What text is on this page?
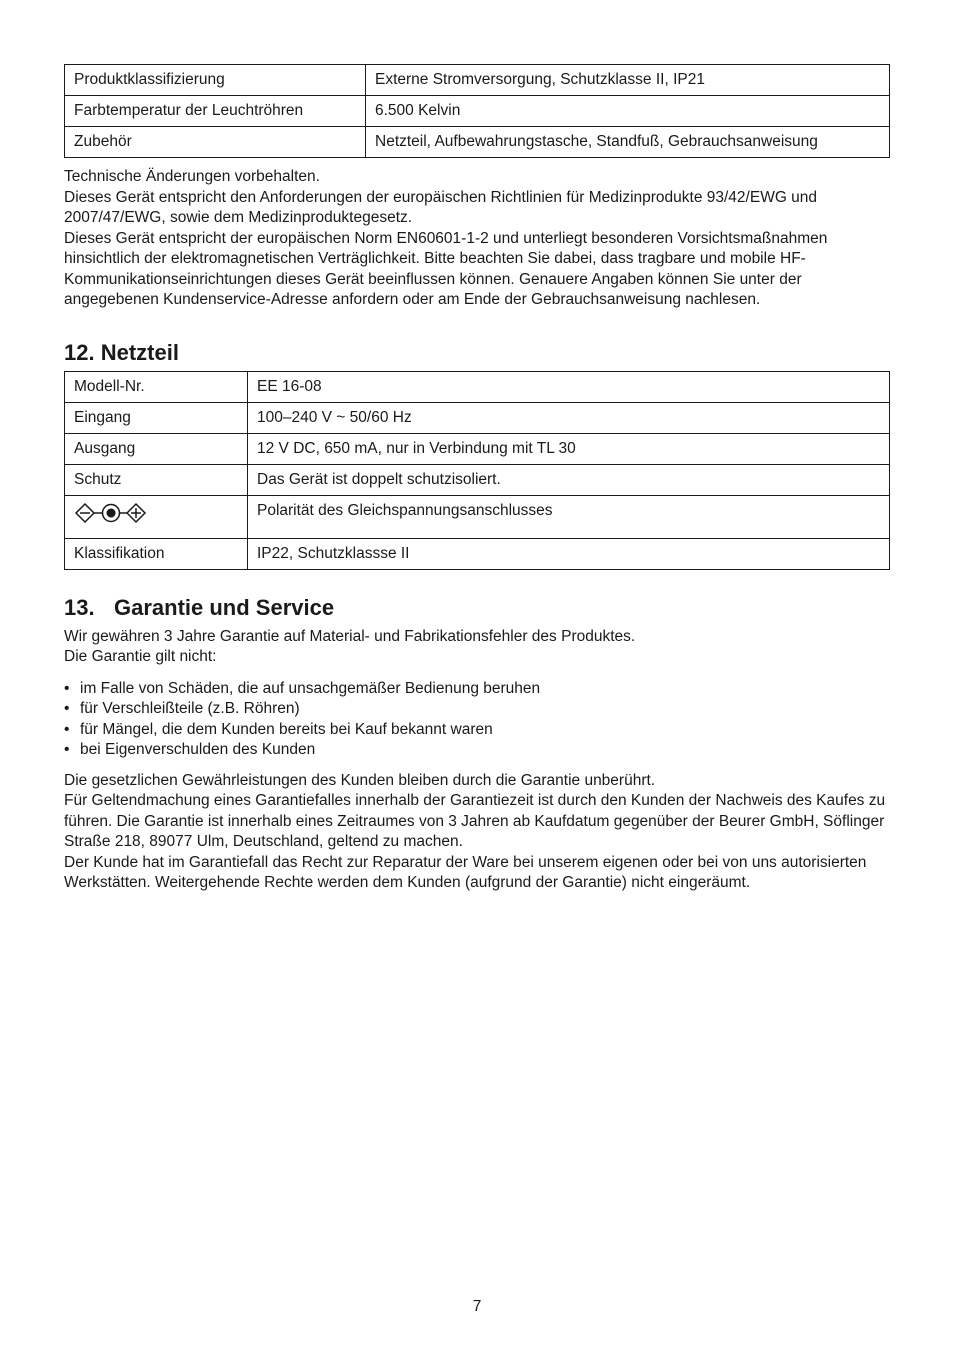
Produktklassifizierung	Externe Stromversorgung, Schutzklasse II, IP21
Farbtemperatur der Leuchtröhren	6.500 Kelvin
Zubehör	Netzteil, Aufbewahrungstasche, Standfuß, Gebrauchsanweisung

Technische Änderungen vorbehalten.

Dieses Gerät entspricht den Anforderungen der europäischen Richtlinien für Medizinprodukte 93/42/EWG und 2007/47/EWG, sowie dem Medizinproduktegesetz.

Dieses Gerät entspricht der europäischen Norm EN60601-1-2 und unterliegt besonderen Vorsichtsmaßnahmen hinsichtlich der elektromagnetischen Verträglichkeit. Bitte beachten Sie dabei, dass tragbare und mobile HF-Kommunikationseinrichtungen dieses Gerät beeinflussen können. Genauere Angaben können Sie unter der angegebenen Kundenservice-Adresse anfordern oder am Ende der Gebrauchsanweisung nachlesen.

12. Netzteil
Modell-Nr.	EE 16-08
Eingang	100–240 V ~ 50/60 Hz
Ausgang	12 V DC, 650 mA, nur in Verbindung mit TL 30
Schutz	Das Gerät ist doppelt schutzisoliert.

	Polarität des Gleichspannungsanschlusses
Klassifikation	IP22, Schutzklassse II
13. Garantie und Service

Wir gewähren 3 Jahre Garantie auf Material- und Fabrikationsfehler des Produktes.

Die Garantie gilt nicht:

• im Falle von Schäden, die auf unsachgemäßer Bedienung beruhen
• für Verschleißteile (z.B. Röhren)
• für Mängel, die dem Kunden bereits bei Kauf bekannt waren
• bei Eigenverschulden des Kunden

Die gesetzlichen Gewährleistungen des Kunden bleiben durch die Garantie unberührt.

Für Geltendmachung eines Garantiefalles innerhalb der Garantiezeit ist durch den Kunden der Nachweis des Kaufes zu führen. Die Garantie ist innerhalb eines Zeitraumes von 3 Jahren ab Kaufdatum gegenüber der Beurer GmbH, Söflinger Straße 218, 89077 Ulm, Deutschland, geltend zu machen.

Der Kunde hat im Garantiefall das Recht zur Reparatur der Ware bei unserem eigenen oder bei von uns autorisierten Werkstätten. Weitergehende Rechte werden dem Kunden (aufgrund der Garantie) nicht eingeräumt.

7
